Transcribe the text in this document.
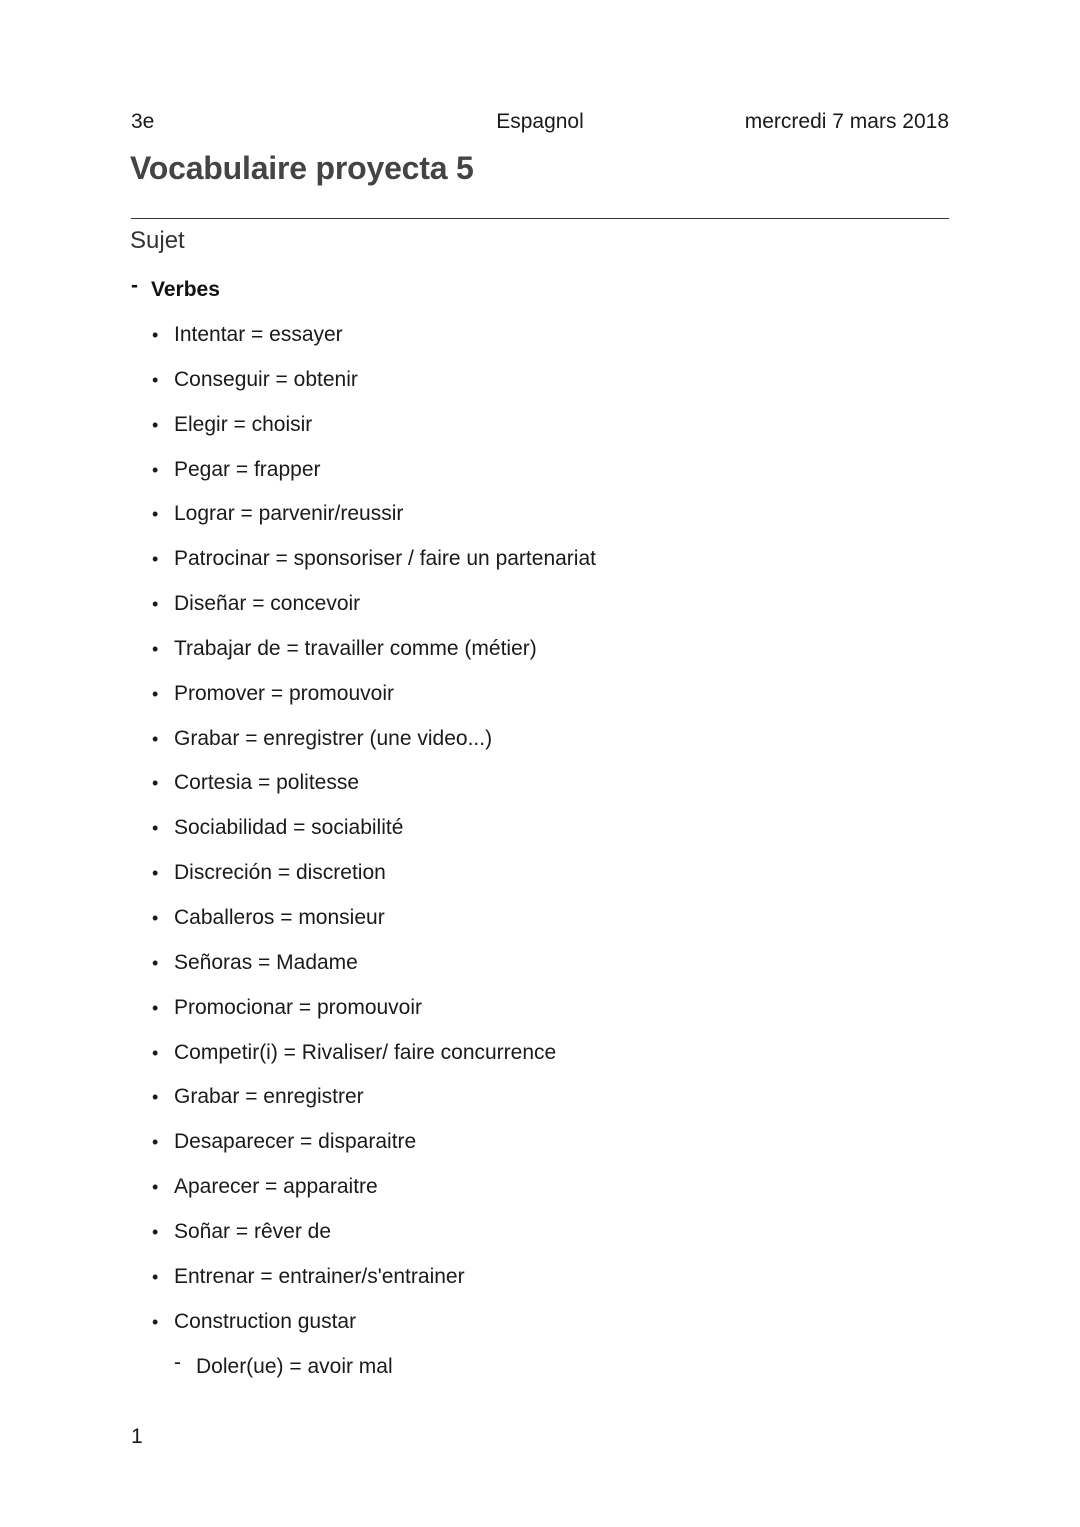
3e	Espagnol	mercredi 7 mars 2018
Vocabulaire proyecta 5
Sujet
- Verbes
• Intentar = essayer
• Conseguir = obtenir
• Elegir = choisir
• Pegar = frapper
• Lograr = parvenir/reussir
• Patrocinar = sponsoriser / faire un partenariat
• Diseñar = concevoir
• Trabajar de = travailler comme (métier)
• Promover = promouvoir
• Grabar = enregistrer (une video...)
• Cortesia = politesse
• Sociabilidad = sociabilité
• Discreción = discretion
• Caballeros = monsieur
• Señoras = Madame
• Promocionar = promouvoir
• Competir(i) = Rivaliser/ faire concurrence
• Grabar = enregistrer
• Desaparecer = disparaitre
• Aparecer = apparaitre
• Soñar = rêver de
• Entrenar = entrainer/s'entrainer
• Construction gustar
- Doler(ue) = avoir mal
1
